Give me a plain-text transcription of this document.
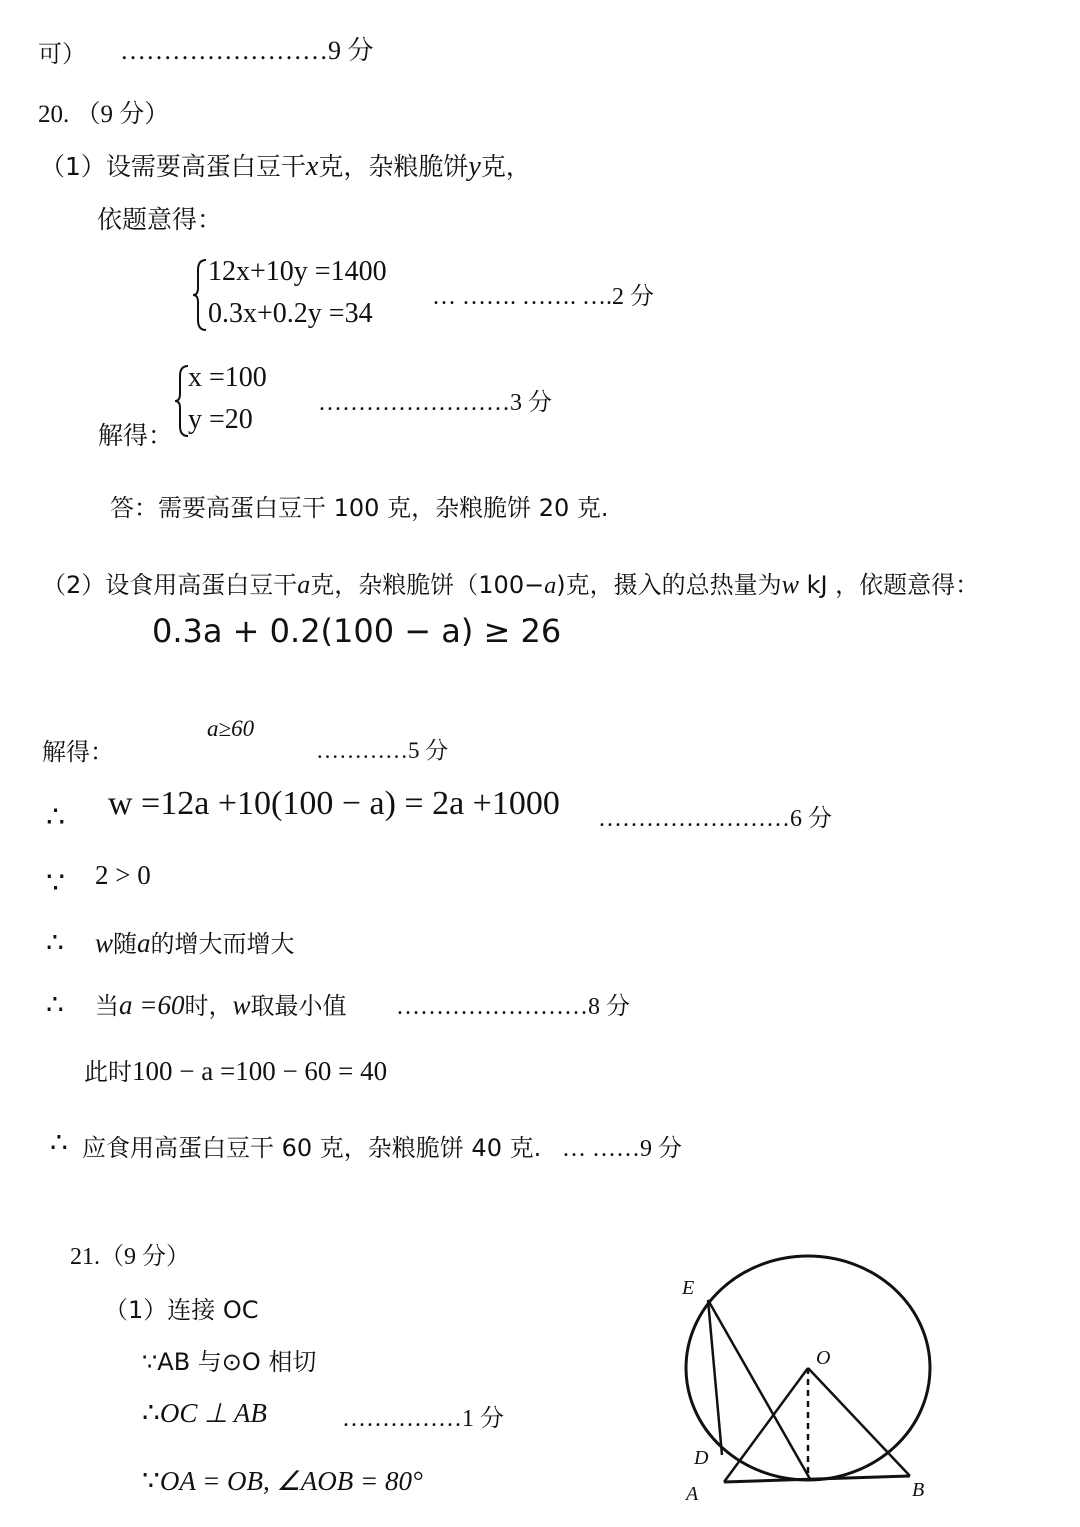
可） ……………………9 分
20. （9 分）
（1）设需要高蛋白豆干x克，杂粮脆饼y克，
依题意得：
12x+10y =1400
0.3x+0.2y =34
… ……. ……. ….2 分
x =100
y =20
解得：
……………………3 分
答：需要高蛋白豆干 100 克，杂粮脆饼 20 克.
（2）设食用高蛋白豆干a克，杂粮脆饼（100−a)克，摄入的总热量为w kJ ，依题意得：
0.3a + 0.2(100 − a) ≥ 26
解得：
a≥60
…………5 分
∴ w =12a +10(100 − a) = 2a +1000 ……………………6 分
∵ 2 > 0
∴ w随a的增大而增大
∴ 当a =60时，w取最小值 ……………………8 分
此时100 − a =100 − 60 = 40
∴ 应食用高蛋白豆干 60 克，杂粮脆饼 40 克. … ……9 分
21.（9 分）
（1）连接 OC
∵AB 与⊙O 相切
∴OC ⊥ AB	……………1 分
∵OA = OB, ∠AOB = 80°
E
O
D
A	B
